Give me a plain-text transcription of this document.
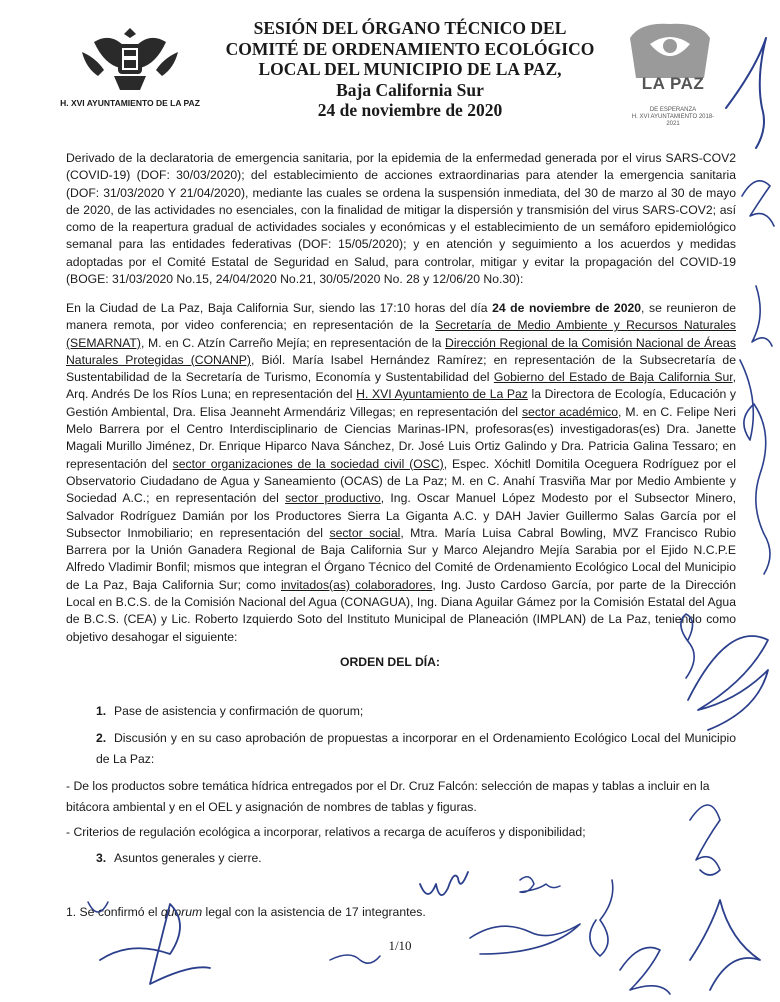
H. XVI AYUNTAMIENTO DE LA PAZ
SESIÓN DEL ÓRGANO TÉCNICO DEL
COMITÉ DE ORDENAMIENTO ECOLÓGICO
LOCAL DEL MUNICIPIO DE LA PAZ,
Baja California Sur
24 de noviembre de 2020
LA PAZ
DE ESPERANZA
H. XVI AYUNTAMIENTO 2018-2021

Derivado de la declaratoria de emergencia sanitaria, por la epidemia de la enfermedad generada por el virus SARS-COV2 (COVID-19) (DOF: 30/03/2020); del establecimiento de acciones extraordinarias para atender la emergencia sanitaria (DOF: 31/03/2020 Y 21/04/2020), mediante las cuales se ordena la suspensión inmediata, del 30 de marzo al 30 de mayo de 2020, de las actividades no esenciales, con la finalidad de mitigar la dispersión y transmisión del virus SARS-COV2; así como de la reapertura gradual de actividades sociales y económicas y el establecimiento de un semáforo epidemiológico semanal para las entidades federativas (DOF: 15/05/2020); y en atención y seguimiento a los acuerdos y medidas adoptadas por el Comité Estatal de Seguridad en Salud, para controlar, mitigar y evitar la propagación del COVID-19 (BOGE: 31/03/2020 No.15, 24/04/2020 No.21, 30/05/2020 No. 28 y 12/06/20 No.30):

En la Ciudad de La Paz, Baja California Sur, siendo las 17:10 horas del día 24 de noviembre de 2020, se reunieron de manera remota, por video conferencia; en representación de la Secretaría de Medio Ambiente y Recursos Naturales (SEMARNAT), M. en C. Atzín Carreño Mejía; en representación de la Dirección Regional de la Comisión Nacional de Áreas Naturales Protegidas (CONANP), Biól. María Isabel Hernández Ramírez; en representación de la Subsecretaría de Sustentabilidad de la Secretaría de Turismo, Economía y Sustentabilidad del Gobierno del Estado de Baja California Sur, Arq. Andrés De los Ríos Luna; en representación del H. XVI Ayuntamiento de La Paz la Directora de Ecología, Educación y Gestión Ambiental, Dra. Elisa Jeanneht Armendáriz Villegas; en representación del sector académico, M. en C. Felipe Neri Melo Barrera por el Centro Interdisciplinario de Ciencias Marinas-IPN, profesoras(es) investigadoras(es) Dra. Janette Magali Murillo Jiménez, Dr. Enrique Hiparco Nava Sánchez, Dr. José Luis Ortiz Galindo y Dra. Patricia Galina Tessaro; en representación del sector organizaciones de la sociedad civil (OSC), Espec. Xóchitl Domitila Oceguera Rodríguez por el Observatorio Ciudadano de Agua y Saneamiento (OCAS) de La Paz; M. en C. Anahí Trasviña Mar por Medio Ambiente y Sociedad A.C.; en representación del sector productivo, Ing. Oscar Manuel López Modesto por el Subsector Minero, Salvador Rodríguez Damián por los Productores Sierra La Giganta A.C. y DAH Javier Guillermo Salas García por el Subsector Inmobiliario; en representación del sector social, Mtra. María Luisa Cabral Bowling, MVZ Francisco Rubio Barrera por la Unión Ganadera Regional de Baja California Sur y Marco Alejandro Mejía Sarabia por el Ejido N.C.P.E Alfredo Vladimir Bonfil; mismos que integran el Órgano Técnico del Comité de Ordenamiento Ecológico Local del Municipio de La Paz, Baja California Sur; como invitados(as) colaboradores, Ing. Justo Cardoso García, por parte de la Dirección Local en B.C.S. de la Comisión Nacional del Agua (CONAGUA), Ing. Diana Aguilar Gámez por la Comisión Estatal del Agua de B.C.S. (CEA) y Lic. Roberto Izquierdo Soto del Instituto Municipal de Planeación (IMPLAN) de La Paz, teniendo como objetivo desahogar el siguiente:

ORDEN DEL DÍA:

1. Pase de asistencia y confirmación de quorum;

2. Discusión y en su caso aprobación de propuestas a incorporar en el Ordenamiento Ecológico Local del Municipio de La Paz:

- De los productos sobre temática hídrica entregados por el Dr. Cruz Falcón: selección de mapas y tablas a incluir en la bitácora ambiental y en el OEL y asignación de nombres de tablas y figuras.

- Criterios de regulación ecológica a incorporar, relativos a recarga de acuíferos y disponibilidad;

3. Asuntos generales y cierre.

1. Se confirmó el quorum legal con la asistencia de 17 integrantes.

1/10
